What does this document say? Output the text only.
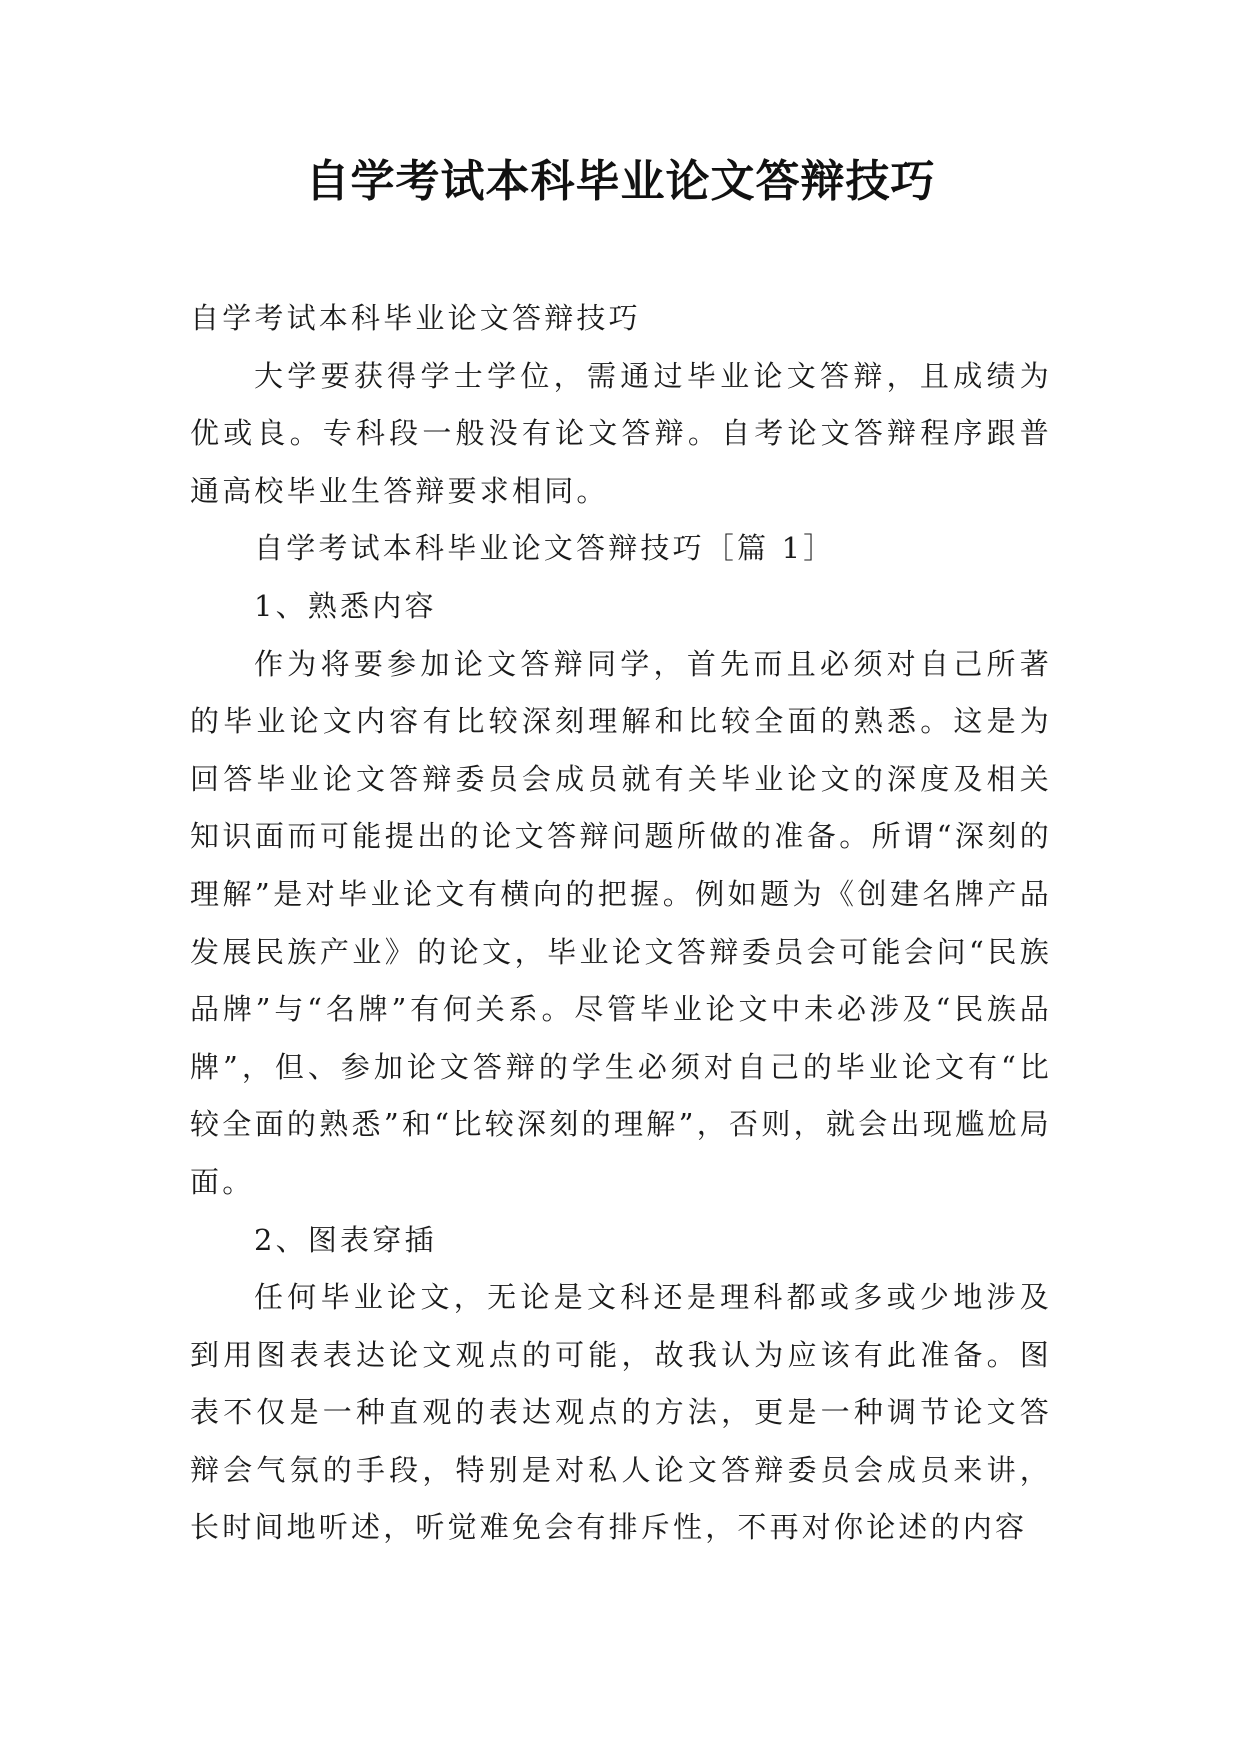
自学考试本科毕业论文答辩技巧

自学考试本科毕业论文答辩技巧

大学要获得学士学位，需通过毕业论文答辩，且成绩为优或良。专科段一般没有论文答辩。自考论文答辩程序跟普通高校毕业生答辩要求相同。

自学考试本科毕业论文答辩技巧［篇 1］

1、熟悉内容

作为将要参加论文答辩同学，首先而且必须对自己所著的毕业论文内容有比较深刻理解和比较全面的熟悉。这是为回答毕业论文答辩委员会成员就有关毕业论文的深度及相关知识面而可能提出的论文答辩问题所做的准备。所谓“深刻的理解”是对毕业论文有横向的把握。例如题为《创建名牌产品发展民族产业》的论文，毕业论文答辩委员会可能会问“民族品牌”与“名牌”有何关系。尽管毕业论文中未必涉及“民族品牌”，但、参加论文答辩的学生必须对自己的毕业论文有“比较全面的熟悉”和“比较深刻的理解”，否则，就会出现尴尬局面。

2、图表穿插

任何毕业论文，无论是文科还是理科都或多或少地涉及到用图表表达论文观点的可能，故我认为应该有此准备。图表不仅是一种直观的表达观点的方法，更是一种调节论文答辩会气氛的手段，特别是对私人论文答辩委员会成员来讲，长时间地听述，听觉难免会有排斥性，不再对你论述的内容
